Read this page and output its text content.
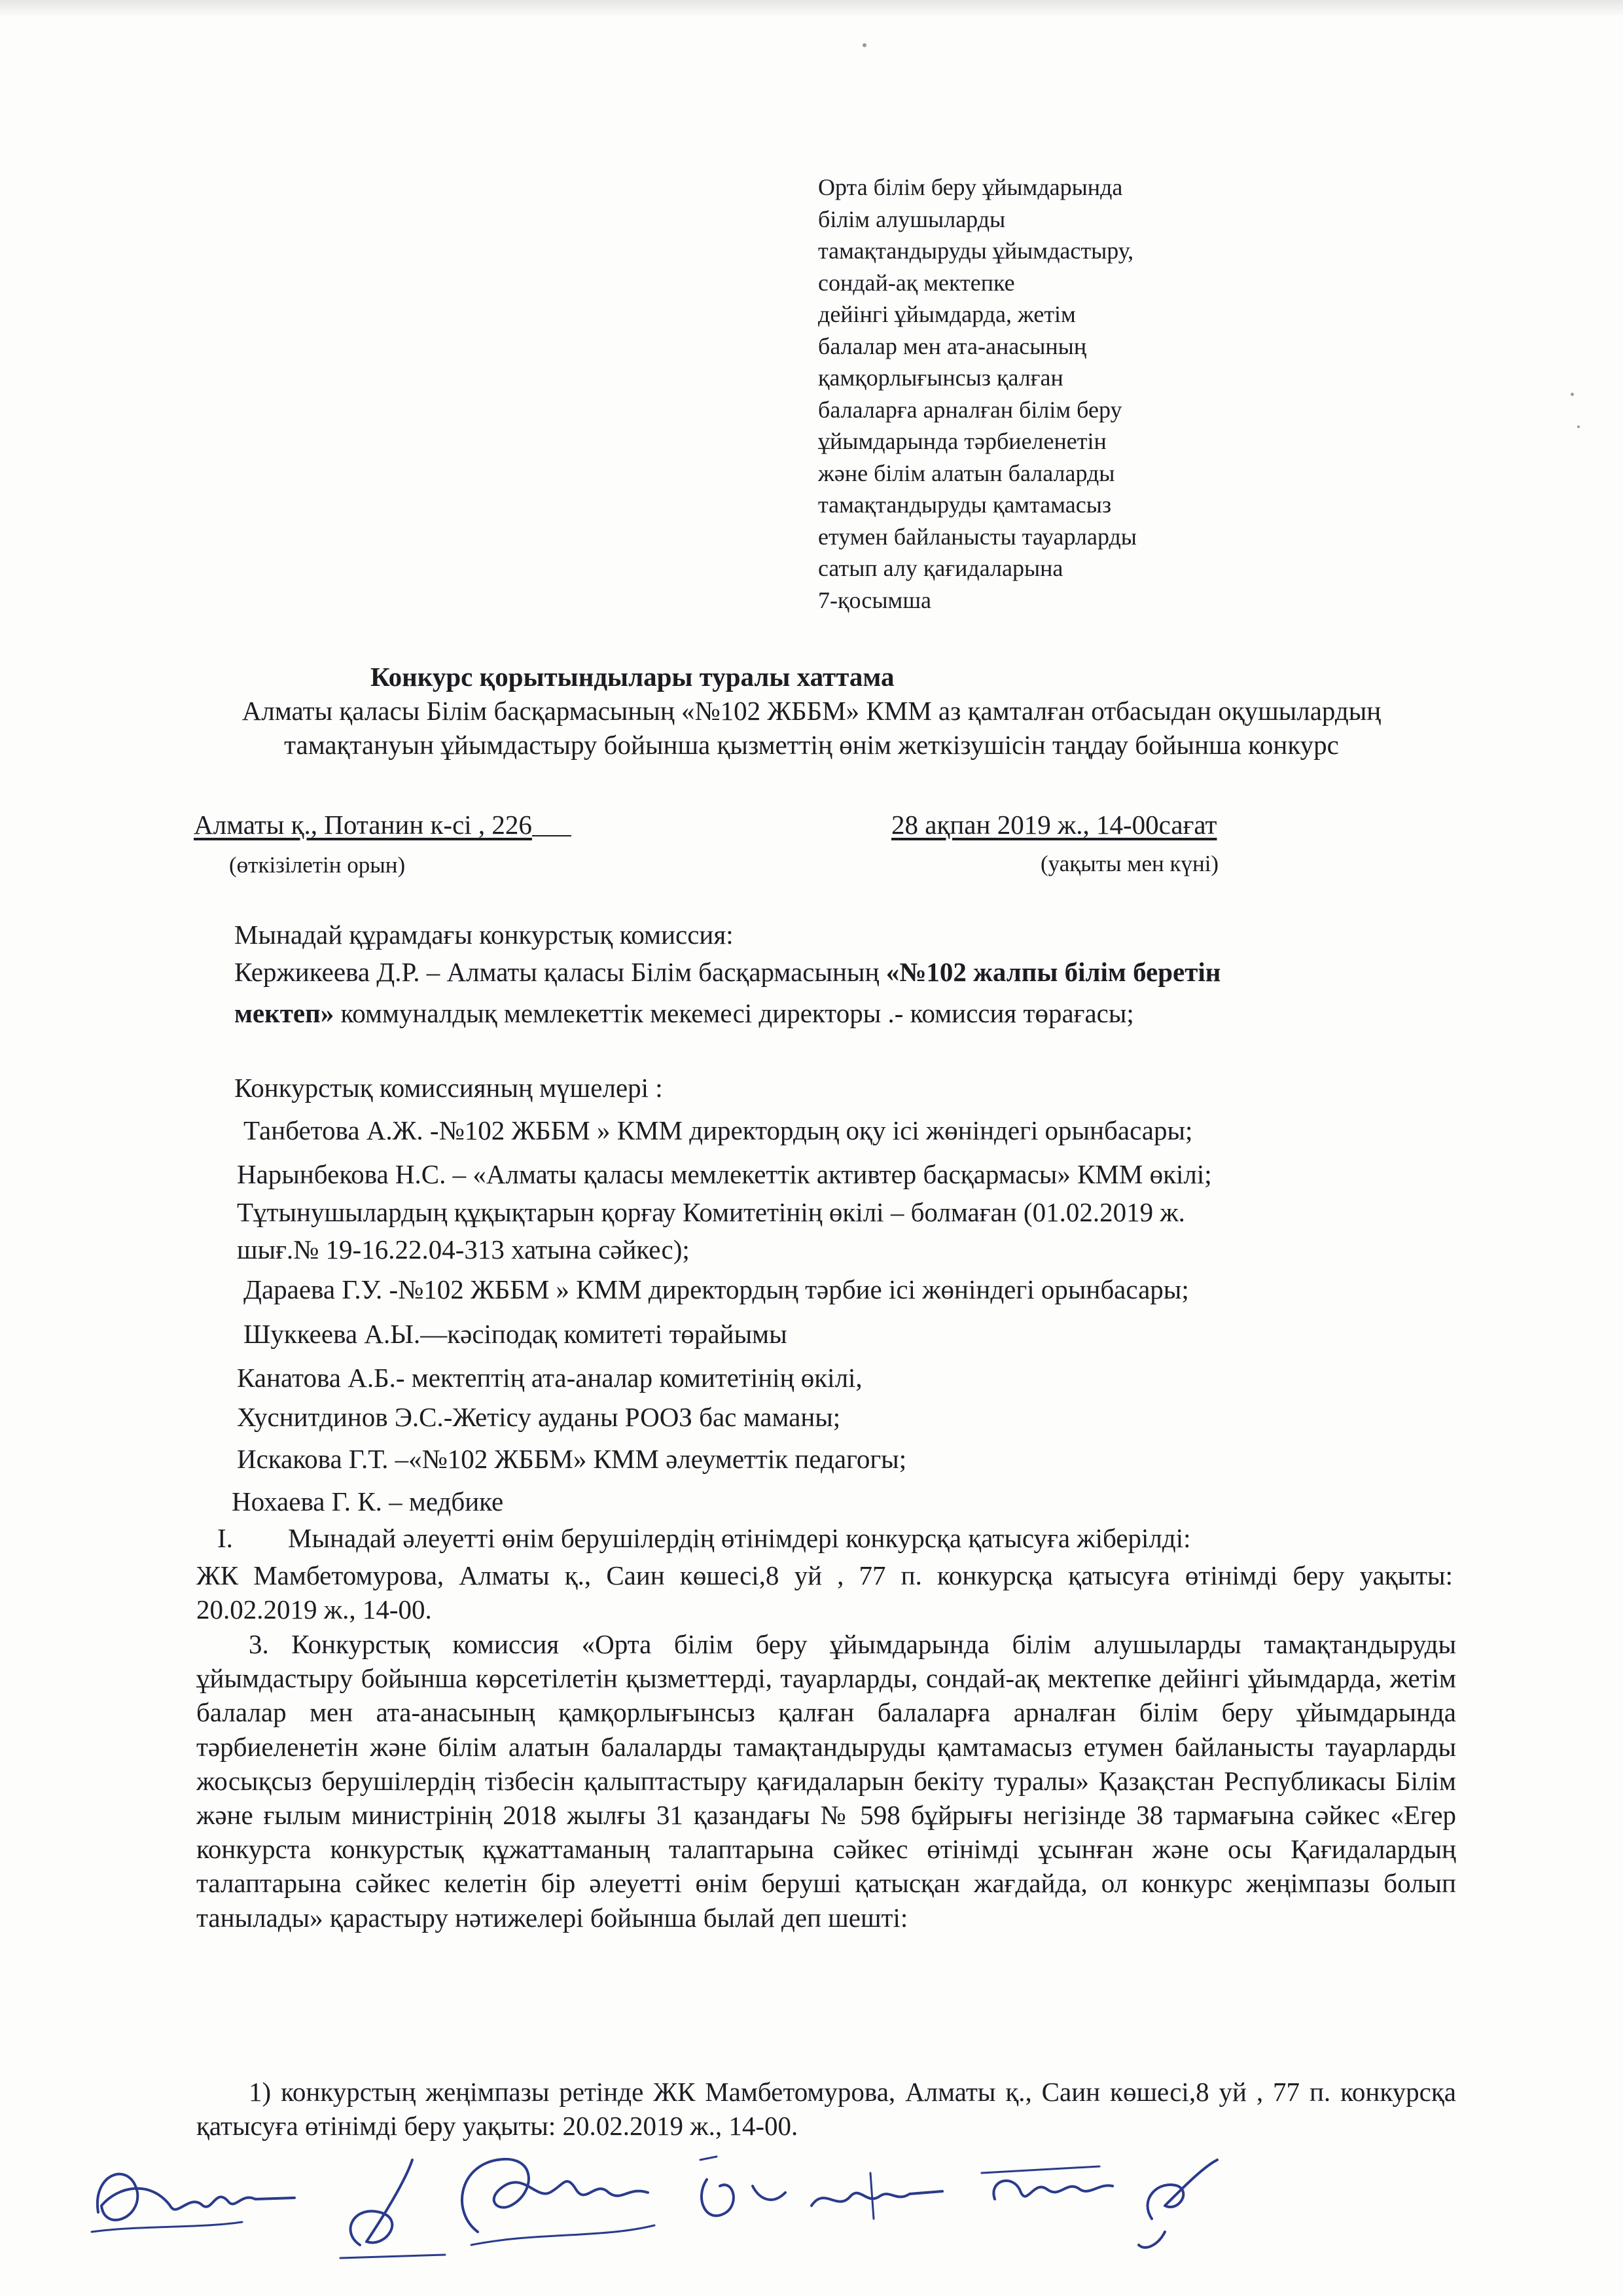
Орта білім беру ұйымдарында
білім алушыларды
тамақтандыруды ұйымдастыру,
сондай-ақ мектепке
дейінгі ұйымдарда, жетім
балалар мен ата-анасының
қамқорлығынсыз қалған
балаларға арналған білім беру
ұйымдарында тәрбиеленетін
және білім алатын балаларды
тамақтандыруды қамтамасыз
етумен байланысты тауарларды
сатып алу қағидаларына
7-қосымша
Конкурс қорытындылары туралы хаттама
Алматы қаласы Білім басқармасының «№102 ЖББМ» КММ аз қамталған отбасыдан оқушылардың тамақтануын ұйымдастыру бойынша қызметтің өнім жеткізушісін таңдау бойынша конкурс
Алматы қ., Потанин к-сі , 226	28 ақпан 2019 ж., 14-00сағат
(өткізілетін орын)	(уақыты мен күні)
Мынадай құрамдағы конкурстық комиссия:
Кержикеева Д.Р. – Алматы қаласы Білім басқармасының «№102 жалпы білім беретін
мектеп» коммуналдық мемлекеттік мекемесі директоры .- комиссия төрағасы;
Конкурстық комиссияның мүшелері :
Танбетова А.Ж. -№102 ЖББМ » КММ директордың оқу ісі жөніндегі орынбасары;
Нарынбекова Н.С. – «Алматы қаласы мемлекеттік активтер басқармасы» КММ өкілі;
Тұтынушылардың құқықтарын қорғау Комитетінің өкілі – болмаған (01.02.2019 ж.
шығ.№ 19-16.22.04-313 хатына сәйкес);
Дараева Г.У. -№102 ЖББМ » КММ директордың тәрбие ісі жөніндегі орынбасары;
Шуккеева А.Ы.—кәсіподақ комитеті төрайымы
Канатова А.Б.- мектептің ата-аналар комитетінің өкілі,
Хуснитдинов Э.С.-Жетісу ауданы РООЗ бас маманы;
Искакова Г.Т. –«№102 ЖББМ» КММ әлеуметтік педагогы;
Нохаева Г. К. – медбике
I. Мынадай әлеуетті өнім берушілердің өтінімдері конкурсқа қатысуға жіберілді:
ЖК Мамбетомурова, Алматы қ., Саин көшесі,8 уй , 77 п. конкурсқа қатысуға өтінімді беру уақыты: 20.02.2019 ж., 14-00.
3. Конкурстық комиссия «Орта білім беру ұйымдарында білім алушыларды тамақтандыруды ұйымдастыру бойынша көрсетілетін қызметтерді, тауарларды, сондай-ақ мектепке дейінгі ұйымдарда, жетім балалар мен ата-анасының қамқорлығынсыз қалған балаларға арналған білім беру ұйымдарында тәрбиеленетін және білім алатын балаларды тамақтандыруды қамтамасыз етумен байланысты тауарларды жосықсыз берушілердің тізбесін қалыптастыру қағидаларын бекіту туралы» Қазақстан Республикасы Білім және ғылым министрінің 2018 жылғы 31 қазандағы № 598 бұйрығы негізінде 38 тармағына сәйкес «Егер конкурста конкурстық құжаттаманың талаптарына сәйкес өтінімді ұсынған және осы Қағидалардың талаптарына сәйкес келетін бір әлеуетті өнім беруші қатысқан жағдайда, ол конкурс жеңімпазы болып танылады» қарастыру нәтижелері бойынша былай деп шешті:
1) конкурстың жеңімпазы ретінде ЖК Мамбетомурова, Алматы қ., Саин көшесі,8 уй , 77 п. конкурсқа қатысуға өтінімді беру уақыты: 20.02.2019 ж., 14-00.
